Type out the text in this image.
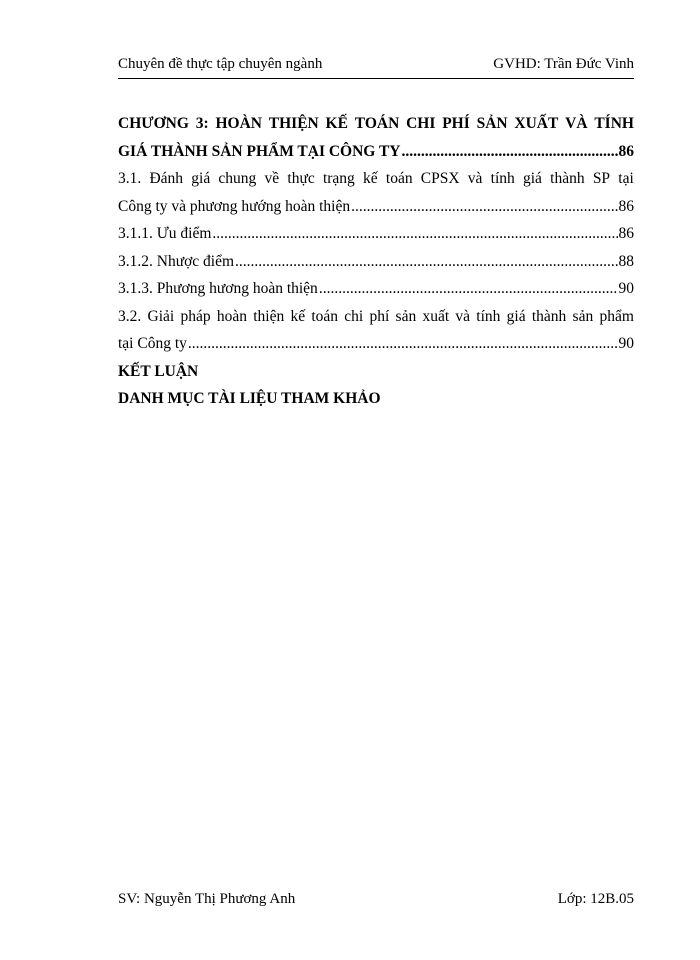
Chuyên đề thực tập chuyên ngành	GVHD: Trần Đức Vinh
CHƯƠNG 3: HOÀN THIỆN KẾ TOÁN CHI PHÍ SẢN XUẤT VÀ TÍNH
GIÁ THÀNH SẢN PHẨM TẠI CÔNG TY .....	86
3.1. Đánh giá chung về thực trạng kế toán CPSX và tính giá thành SP tại
Công ty và phương hướng hoàn thiện .....	86
3.1.1. Ưu điểm .....	86
3.1.2. Nhược điểm .....	88
3.1.3. Phương hương hoàn thiện .....	90
3.2. Giải pháp hoàn thiện kế toán chi phí sản xuất và tính giá thành sản phẩm
tại Công ty .....	90
KẾT LUẬN
DANH MỤC TÀI LIỆU THAM KHẢO
SV: Nguyễn Thị Phương Anh	Lớp: 12B.05
